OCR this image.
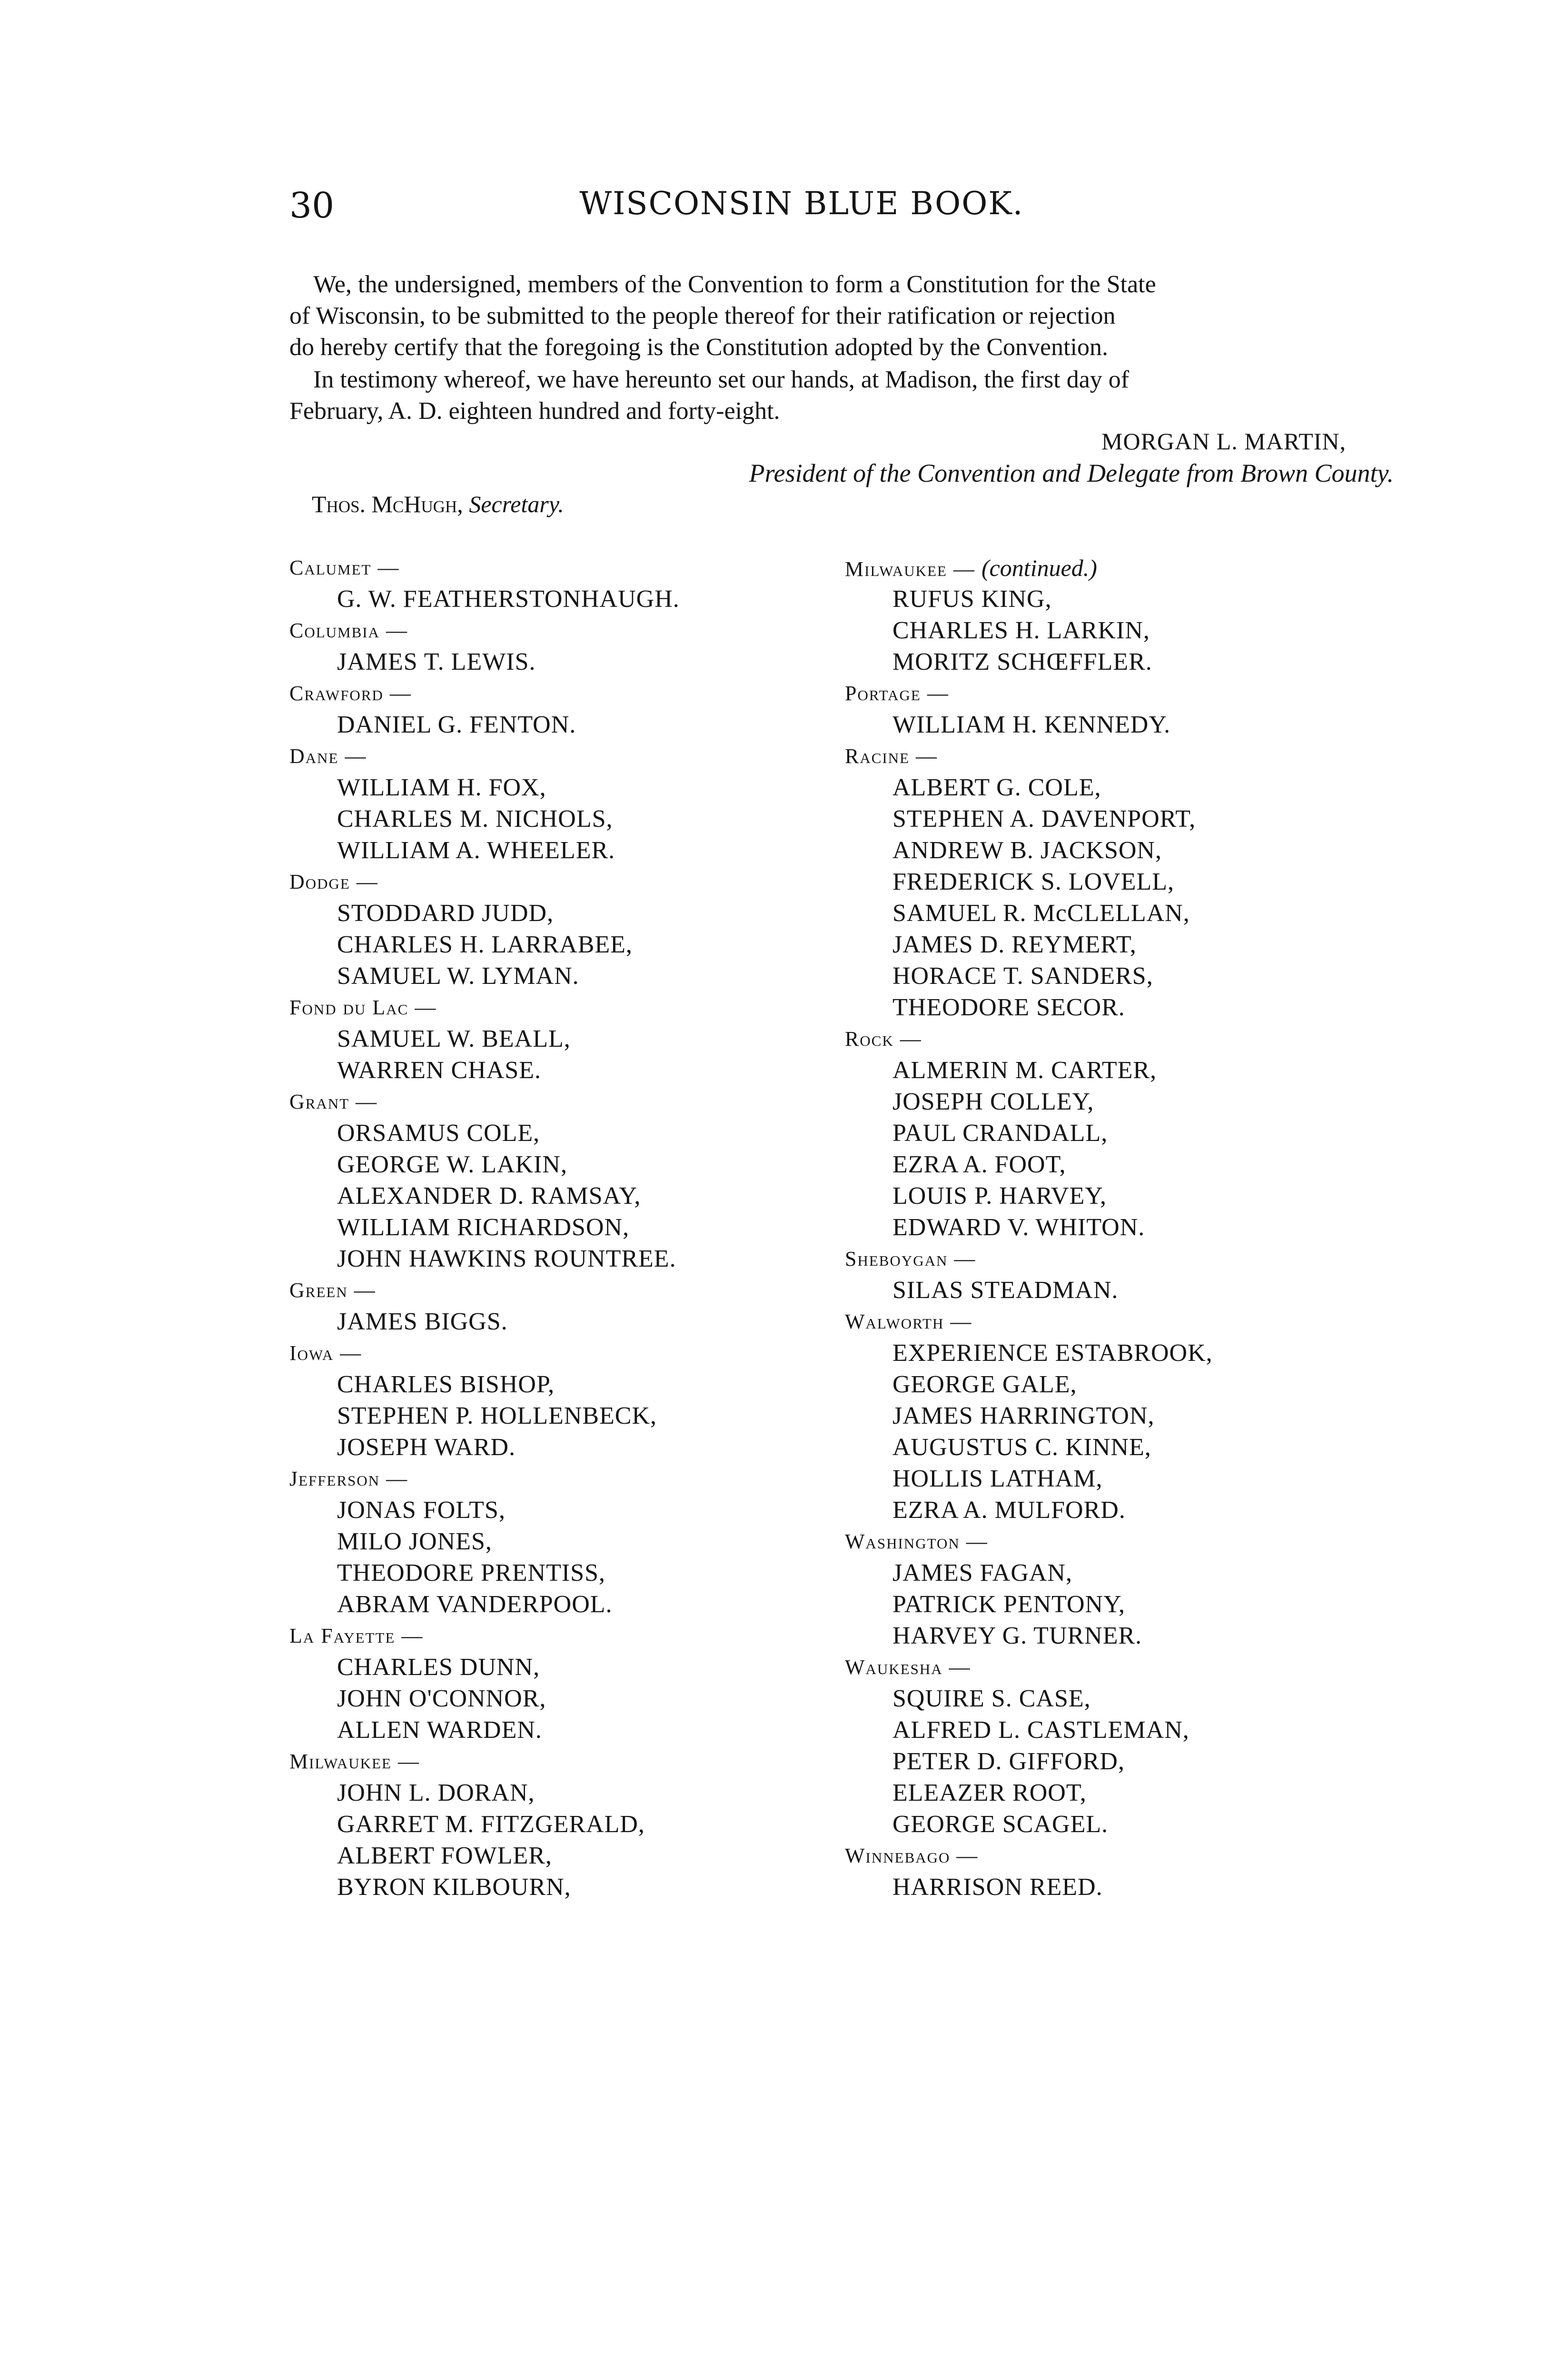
30	WISCONSIN BLUE BOOK.
We, the undersigned, members of the Convention to form a Constitution for the State
of Wisconsin, to be submitted to the people thereof for their ratification or rejection
do hereby certify that the foregoing is the Constitution adopted by the Convention.
In testimony whereof, we have hereunto set our hands, at Madison, the first day of
February, A. D. eighteen hundred and forty-eight.
MORGAN L. MARTIN,
President of the Convention and Delegate from Brown County.
Thos. McHugh, Secretary.
Calumet —
G. W. FEATHERSTONHAUGH.
Columbia —
JAMES T. LEWIS.
Crawford —
DANIEL G. FENTON.
Dane —
WILLIAM H. FOX,
CHARLES M. NICHOLS,
WILLIAM A. WHEELER.
Dodge —
STODDARD JUDD,
CHARLES H. LARRABEE,
SAMUEL W. LYMAN.
Fond du Lac —
SAMUEL W. BEALL,
WARREN CHASE.
Grant —
ORSAMUS COLE,
GEORGE W. LAKIN,
ALEXANDER D. RAMSAY,
WILLIAM RICHARDSON,
JOHN HAWKINS ROUNTREE.
Green —
JAMES BIGGS.
Iowa —
CHARLES BISHOP,
STEPHEN P. HOLLENBECK,
JOSEPH WARD.
Jefferson —
JONAS FOLTS,
MILO JONES,
THEODORE PRENTISS,
ABRAM VANDERPOOL.
La Fayette —
CHARLES DUNN,
JOHN O'CONNOR,
ALLEN WARDEN.
Milwaukee —
JOHN L. DORAN,
GARRET M. FITZGERALD,
ALBERT FOWLER,
BYRON KILBOURN,
Milwaukee — (continued.)
RUFUS KING,
CHARLES H. LARKIN,
MORITZ SCHŒFFLER.
Portage —
WILLIAM H. KENNEDY.
Racine —
ALBERT G. COLE,
STEPHEN A. DAVENPORT,
ANDREW B. JACKSON,
FREDERICK S. LOVELL,
SAMUEL R. McCLELLAN,
JAMES D. REYMERT,
HORACE T. SANDERS,
THEODORE SECOR.
Rock —
ALMERIN M. CARTER,
JOSEPH COLLEY,
PAUL CRANDALL,
EZRA A. FOOT,
LOUIS P. HARVEY,
EDWARD V. WHITON.
Sheboygan —
SILAS STEADMAN.
Walworth —
EXPERIENCE ESTABROOK,
GEORGE GALE,
JAMES HARRINGTON,
AUGUSTUS C. KINNE,
HOLLIS LATHAM,
EZRA A. MULFORD.
Washington —
JAMES FAGAN,
PATRICK PENTONY,
HARVEY G. TURNER.
Waukesha —
SQUIRE S. CASE,
ALFRED L. CASTLEMAN,
PETER D. GIFFORD,
ELEAZER ROOT,
GEORGE SCAGEL.
Winnebago —
HARRISON REED.
